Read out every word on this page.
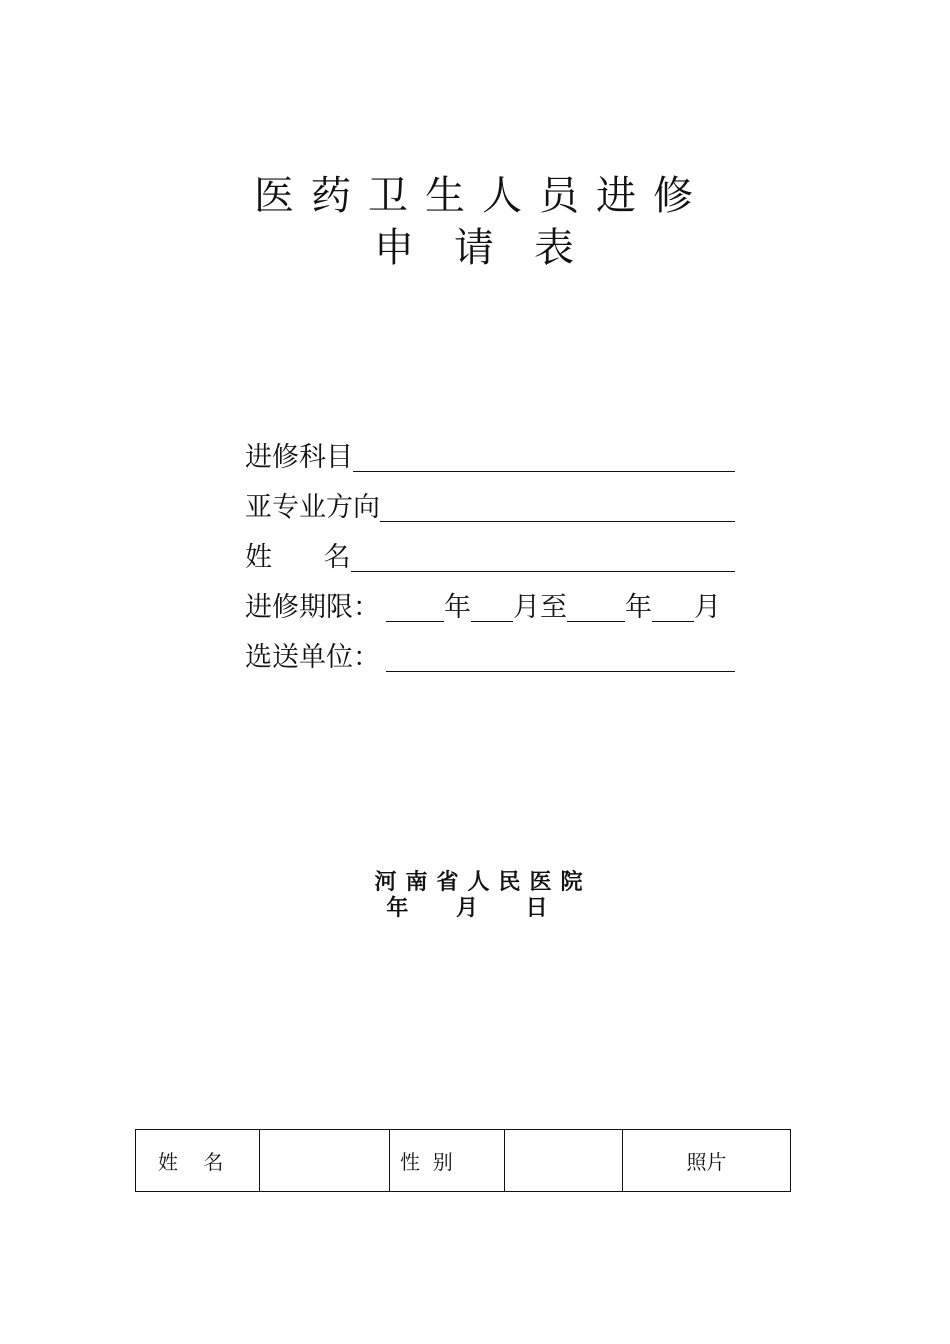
医药卫生人员进修
申请表
进修科目
亚专业方向
姓      名
进修期限： 年 月至 年 月
选送单位：
河南省人民医院
年 月 日
姓    名		性  别		照片
